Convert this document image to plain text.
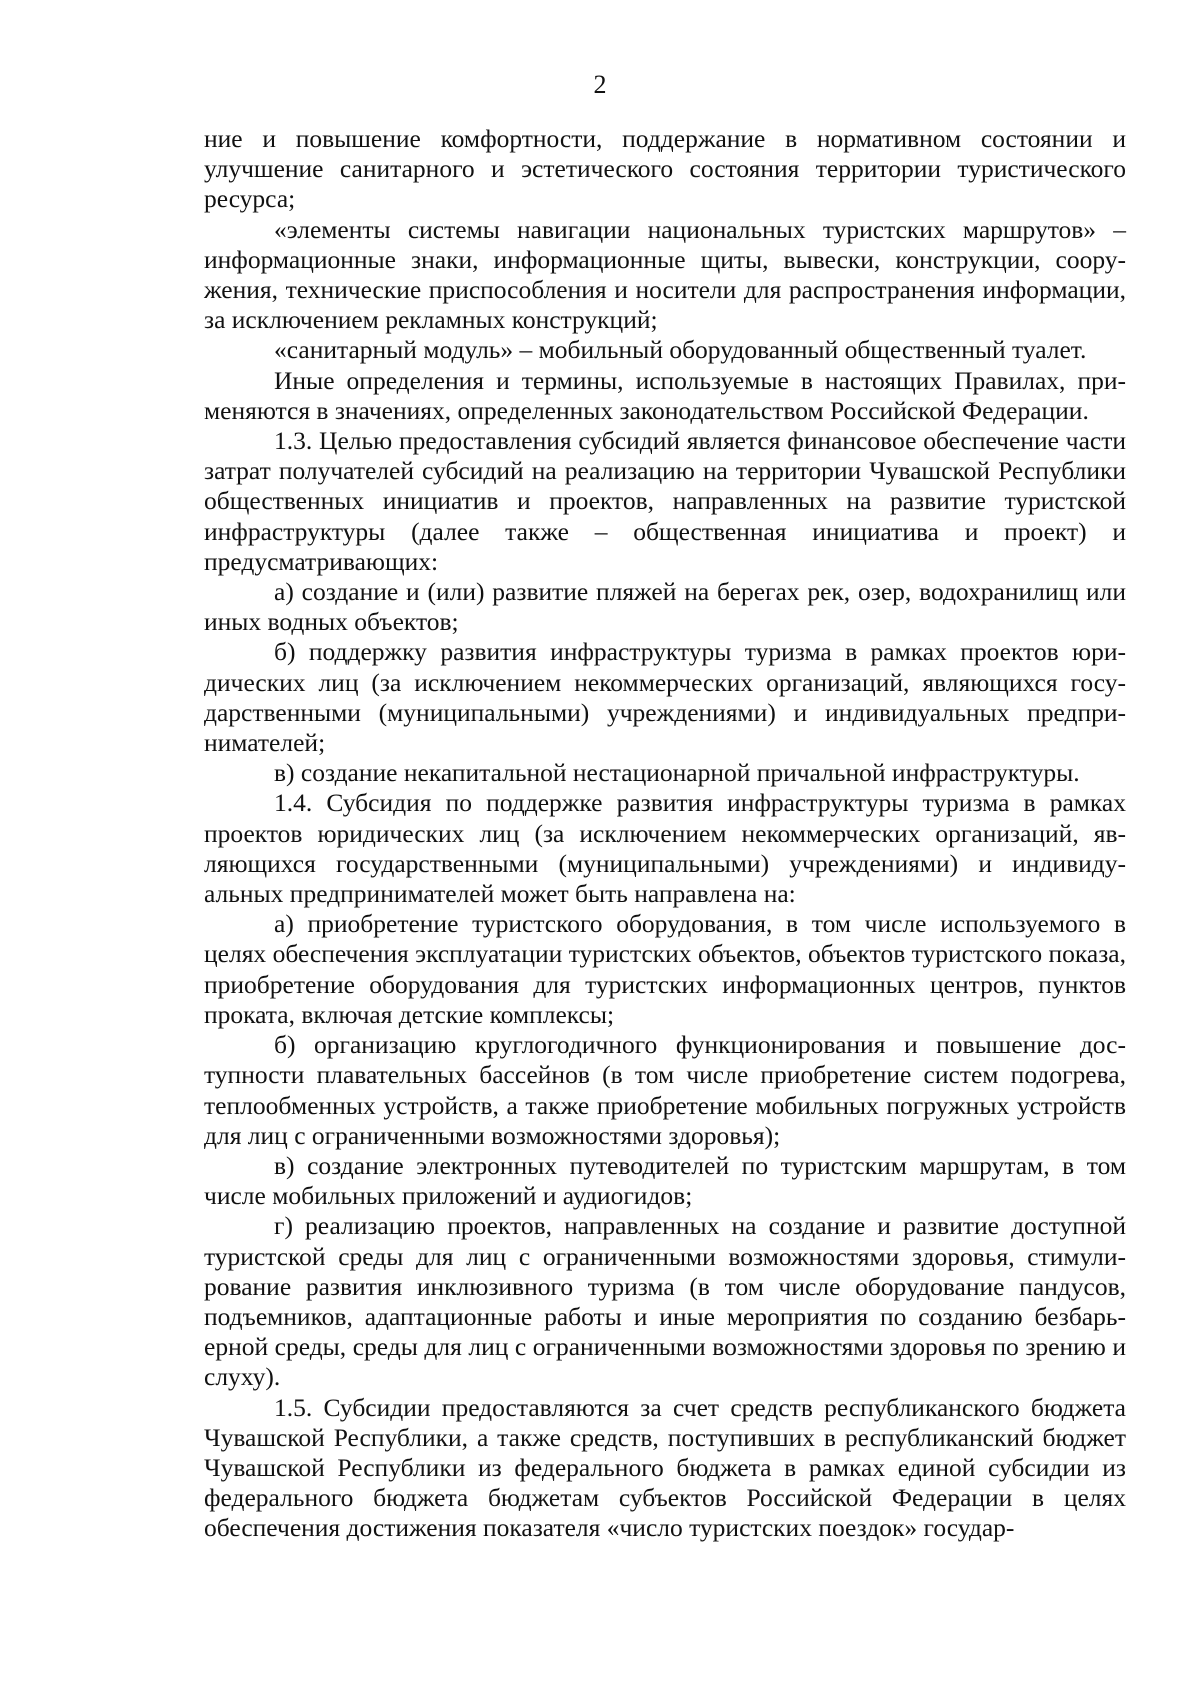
2

ние и повышение комфортности, поддержание в нормативном состоянии и улучшение санитарного и эстетического состояния территории туристического ресурса;

«элементы системы навигации национальных туристских маршрутов» – информационные знаки, информационные щиты, вывески, конструкции, сооружения, технические приспособления и носители для распространения информации, за исключением рекламных конструкций;

«санитарный модуль» – мобильный оборудованный общественный туалет.

Иные определения и термины, используемые в настоящих Правилах, применяются в значениях, определенных законодательством Российской Федерации.

1.3. Целью предоставления субсидий является финансовое обеспечение части затрат получателей субсидий на реализацию на территории Чувашской Республики общественных инициатив и проектов, направленных на развитие туристской инфраструктуры (далее также – общественная инициатива и проект) и предусматривающих:

а) создание и (или) развитие пляжей на берегах рек, озер, водохранилищ или иных водных объектов;

б) поддержку развития инфраструктуры туризма в рамках проектов юридических лиц (за исключением некоммерческих организаций, являющихся государственными (муниципальными) учреждениями) и индивидуальных предпринимателей;

в) создание некапитальной нестационарной причальной инфраструктуры.

1.4. Субсидия по поддержке развития инфраструктуры туризма в рамках проектов юридических лиц (за исключением некоммерческих организаций, являющихся государственными (муниципальными) учреждениями) и индивидуальных предпринимателей может быть направлена на:

а) приобретение туристского оборудования, в том числе используемого в целях обеспечения эксплуатации туристских объектов, объектов туристского показа, приобретение оборудования для туристских информационных центров, пунктов проката, включая детские комплексы;

б) организацию круглогодичного функционирования и повышение доступности плавательных бассейнов (в том числе приобретение систем подогрева, теплообменных устройств, а также приобретение мобильных погружных устройств для лиц с ограниченными возможностями здоровья);

в) создание электронных путеводителей по туристским маршрутам, в том числе мобильных приложений и аудиогидов;

г) реализацию проектов, направленных на создание и развитие доступной туристской среды для лиц с ограниченными возможностями здоровья, стимулирование развития инклюзивного туризма (в том числе оборудование пандусов, подъемников, адаптационные работы и иные мероприятия по созданию безбарьерной среды, среды для лиц с ограниченными возможностями здоровья по зрению и слуху).

1.5. Субсидии предоставляются за счет средств республиканского бюджета Чувашской Республики, а также средств, поступивших в республиканский бюджет Чувашской Республики из федерального бюджета в рамках единой субсидии из федерального бюджета бюджетам субъектов Российской Федерации в целях обеспечения достижения показателя «число туристских поездок» государ-
